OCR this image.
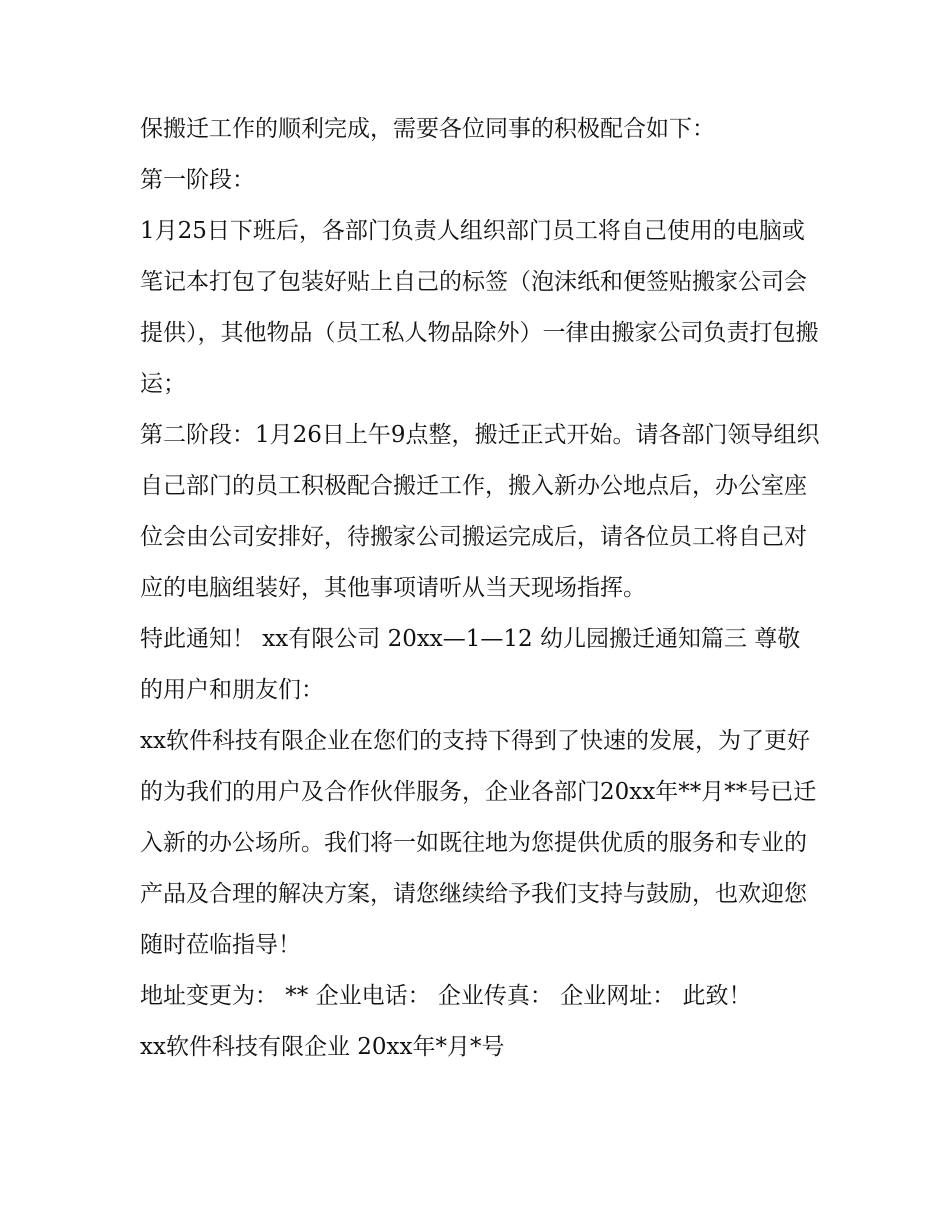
保搬迁工作的顺利完成，需要各位同事的积极配合如下：

第一阶段：

1月25日下班后，各部门负责人组织部门员工将自己使用的电脑或笔记本打包了包装好贴上自己的标签（泡沫纸和便签贴搬家公司会提供），其他物品（员工私人物品除外）一律由搬家公司负责打包搬运；

第二阶段：1月26日上午9点整，搬迁正式开始。请各部门领导组织自己部门的员工积极配合搬迁工作，搬入新办公地点后，办公室座位会由公司安排好，待搬家公司搬运完成后，请各位员工将自己对应的电脑组装好，其他事项请听从当天现场指挥。

特此通知！ xx有限公司 20xx—1—12 幼儿园搬迁通知篇三 尊敬的用户和朋友们：

xx软件科技有限企业在您们的支持下得到了快速的发展，为了更好的为我们的用户及合作伙伴服务，企业各部门20xx年**月**号已迁入新的办公场所。我们将一如既往地为您提供优质的服务和专业的产品及合理的解决方案，请您继续给予我们支持与鼓励，也欢迎您随时莅临指导！

地址变更为： ** 企业电话： 企业传真： 企业网址： 此致！

xx软件科技有限企业 20xx年*月*号
